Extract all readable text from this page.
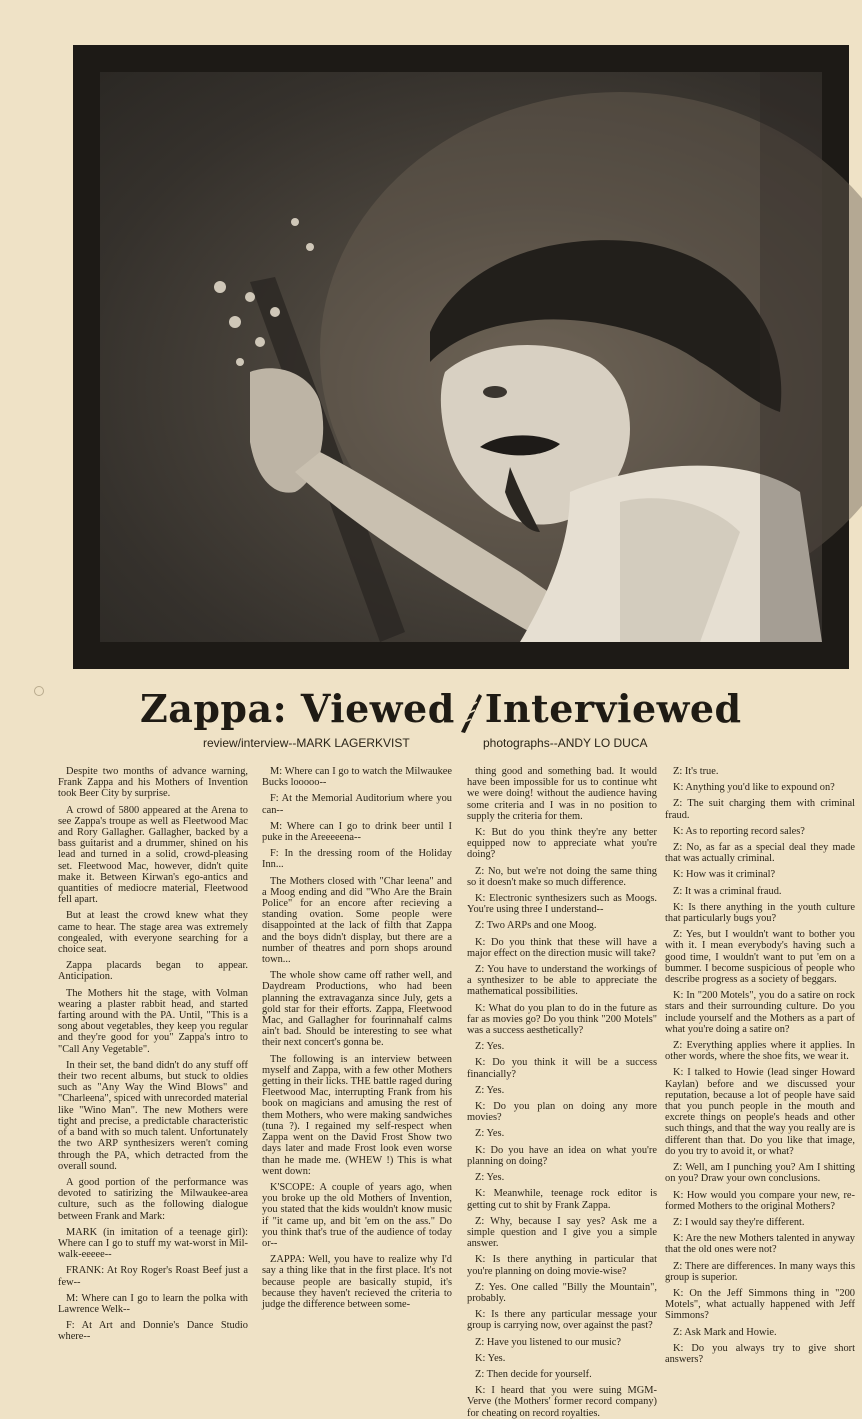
Zappa: Viewed Interviewed
review/interview--MARK LAGERKVIST	photographs--ANDY LO DUCA

Despite two months of advance warning, Frank Zappa and his Mothers of Invention took Beer City by surprise.

A crowd of 5800 appeared at the Arena to see Zappa's troupe as well as Fleetwood Mac and Rory Gallagher. Gallagher, backed by a bass guitarist and a drummer, shined on his lead and turned in a solid, crowd-pleasing set. Fleetwood Mac, however, didn't quite make it. Between Kirwan's ego-antics and quantities of mediocre material, Fleetwood fell apart.

But at least the crowd knew what they came to hear. The stage area was extremely congealed, with everyone searching for a choice seat.

Zappa placards began to appear. Anticipation.

The Mothers hit the stage, with Volman wearing a plaster rabbit head, and started farting around with the PA. Until, "This is a song about vegetables, they keep you regular and they're good for you" Zappa's intro to "Call Any Vegetable".

In their set, the band didn't do any stuff off their two recent albums, but stuck to oldies such as "Any Way the Wind Blows" and "Charleena", spiced with unrecorded material like "Wino Man". The new Mothers were tight and precise, a predictable characteristic of a band with so much talent. Unfortunately the two ARP synthesizers weren't coming through the PA, which detracted from the overall sound.

A good portion of the performance was devoted to satirizing the Milwaukee-area culture, such as the following dialogue between Frank and Mark:

MARK (in imitation of a teenage girl): Where can I go to stuff my wat-worst in Mil-walk-eeeee--

FRANK: At Roy Roger's Roast Beef just a few--

M: Where can I go to learn the polka with Lawrence Welk--

F: At Art and Donnie's Dance Studio where--

M: Where can I go to watch the Milwaukee Bucks looooo--

F: At the Memorial Auditorium where you can--

M: Where can I go to drink beer until I puke in the Areeeeena--

F: In the dressing room of the Holiday Inn...

The Mothers closed with "Char leena" and a Moog ending and did "Who Are the Brain Police" for an encore after recieving a standing ovation. Some people were disappointed at the lack of filth that Zappa and the boys didn't display, but there are a number of theatres and porn shops around town...

The whole show came off rather well, and Daydream Productions, who had been planning the extravaganza since July, gets a gold star for their efforts. Zappa, Fleetwood Mac, and Gallagher for fourinnahalf calms ain't bad. Should be interesting to see what their next concert's gonna be.

The following is an interview between myself and Zappa, with a few other Mothers getting in their licks. THE battle raged during Fleetwood Mac, interrupting Frank from his book on magicians and amusing the rest of them Mothers, who were making sandwiches (tuna ?). I regained my self-respect when Zappa went on the David Frost Show two days later and made Frost look even worse than he made me. (WHEW !) This is what went down:

K'SCOPE: A couple of years ago, when you broke up the old Mothers of Invention, you stated that the kids wouldn't know music if "it came up, and bit 'em on the ass." Do you think that's true of the audience of today or--

ZAPPA: Well, you have to realize why I'd say a thing like that in the first place. It's not because people are basically stupid, it's because they haven't recieved the criteria to judge the difference between some-

thing good and something bad. It would have been impossible for us to continue wht we were doing! without the audience having some criteria and I was in no position to supply the criteria for them.

K: But do you think they're any better equipped now to appreciate what you're doing?

Z: No, but we're not doing the same thing so it doesn't make so much difference.

K: Electronic synthesizers such as Moogs. You're using three I understand--

Z: Two ARPs and one Moog.

K: Do you think that these will have a major effect on the direction music will take?

Z: You have to understand the workings of a synthesizer to be able to appreciate the mathematical possibilities.

K: What do you plan to do in the future as far as movies go? Do you think "200 Motels" was a success aesthetically?

Z: Yes.

K: Do you think it will be a success financially?

Z: Yes.

K: Do you plan on doing any more movies?

Z: Yes.

K: Do you have an idea on what you're planning on doing?

Z: Yes.

K: Meanwhile, teenage rock editor is getting cut to shit by Frank Zappa.

Z: Why, because I say yes? Ask me a simple question and I give you a simple answer.

K: Is there anything in particular that you're planning on doing movie-wise?

Z: Yes. One called "Billy the Mountain", probably.

K: Is there any particular message your group is carrying now, over against the past?

Z: Have you listened to our music?

K: Yes.

Z: Then decide for yourself.

K: I heard that you were suing MGM-Verve (the Mothers' former record company) for cheating on record royalties.

Z: It's true.

K: Anything you'd like to expound on?

Z: The suit charging them with criminal fraud.

K: As to reporting record sales?

Z: No, as far as a special deal they made that was actually criminal.

K: How was it criminal?

Z: It was a criminal fraud.

K: Is there anything in the youth culture that particularly bugs you?

Z: Yes, but I wouldn't want to bother you with it. I mean everybody's having such a good time, I wouldn't want to put 'em on a bummer. I become suspicious of people who describe progress as a society of beggars.

K: In "200 Motels", you do a satire on rock stars and their surrounding culture. Do you include yourself and the Mothers as a part of what you're doing a satire on?

Z: Everything applies where it applies. In other words, where the shoe fits, we wear it.

K: I talked to Howie (lead singer Howard Kaylan) before and we discussed your reputation, because a lot of people have said that you punch people in the mouth and excrete things on people's heads and other such things, and that the way you really are is different than that. Do you like that image, do you try to avoid it, or what?

Z: Well, am I punching you? Am I shitting on you? Draw your own conclusions.

K: How would you compare your new, re-formed Mothers to the original Mothers?

Z: I would say they're different.

K: Are the new Mothers talented in anyway that the old ones were not?

Z: There are differences. In many ways this group is superior.

K: On the Jeff Simmons thing in "200 Motels", what actually happened with Jeff Simmons?

Z: Ask Mark and Howie.

K: Do you always try to give short answers?
